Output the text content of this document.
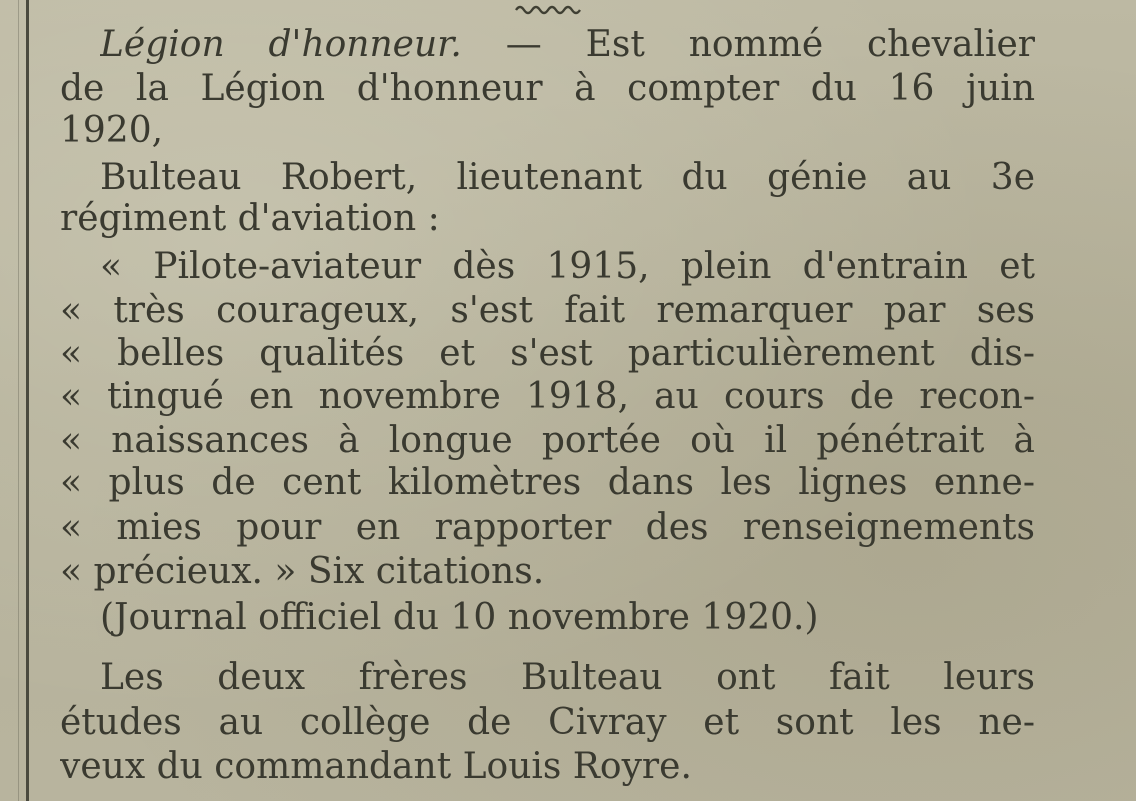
Légion d'honneur. — Est nommé chevalier

de la Légion d'honneur à compter du 16 juin

1920,

Bulteau Robert, lieutenant du génie au 3e

régiment d'aviation :

« Pilote-aviateur dès 1915, plein d'entrain et

« très courageux, s'est fait remarquer par ses

« belles qualités et s'est particulièrement dis-

« tingué en novembre 1918, au cours de recon-

« naissances à longue portée où il pénétrait à

« plus de cent kilomètres dans les lignes enne-

« mies pour en rapporter des renseignements

« précieux. » Six citations.

(Journal officiel du 10 novembre 1920.)

Les deux frères Bulteau ont fait leurs

études au collège de Civray et sont les ne-

veux du commandant Louis Royre.
